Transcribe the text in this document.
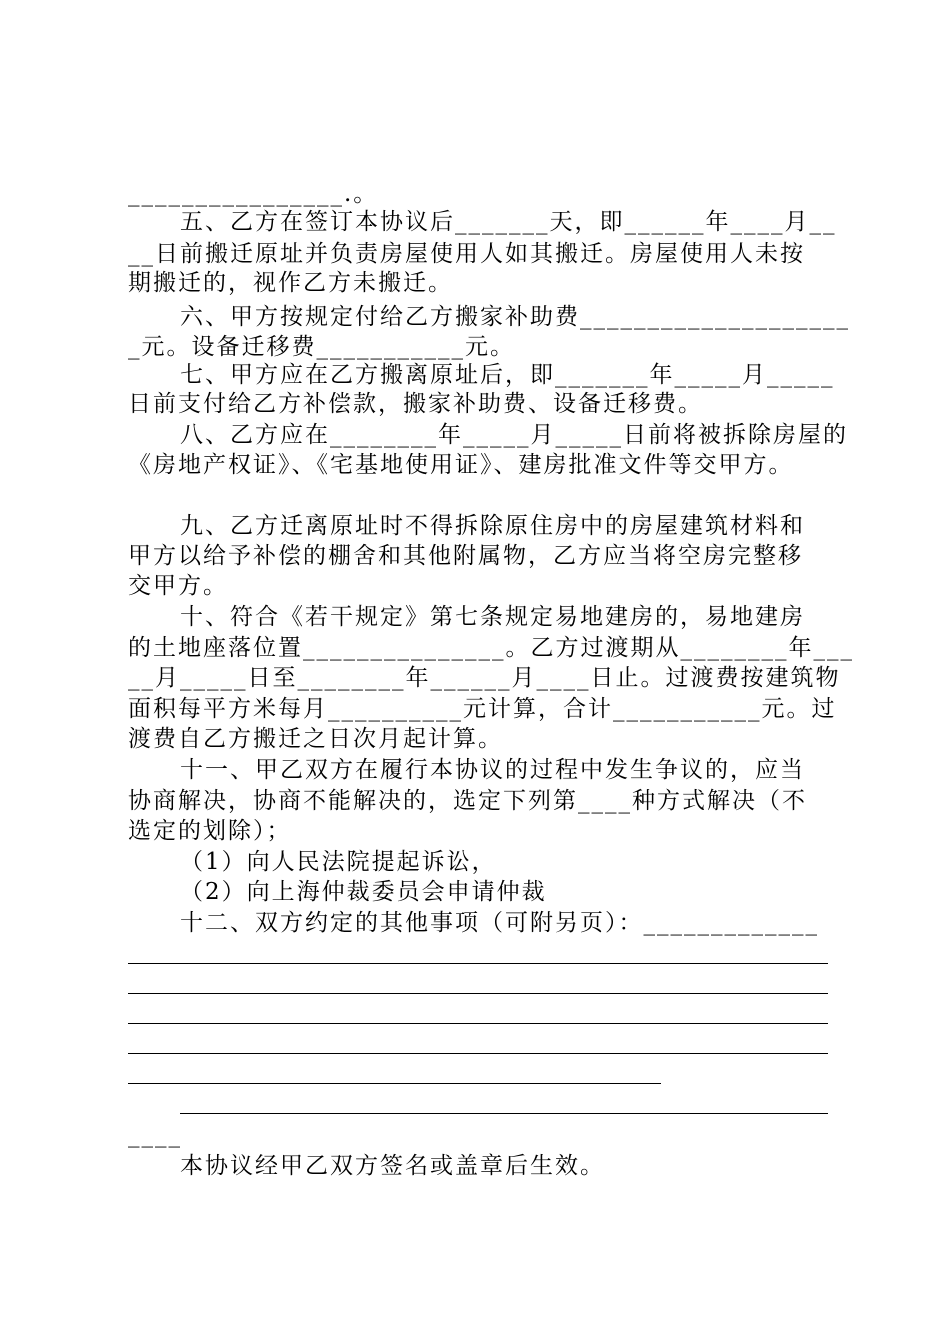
________________.。
五、乙方在签订本协议后_______天，即______年____月__
__日前搬迁原址并负责房屋使用人如其搬迁。房屋使用人未按
期搬迁的，视作乙方未搬迁。
六、甲方按规定付给乙方搬家补助费____________________
_元。设备迁移费___________元。
七、甲方应在乙方搬离原址后，即_______年_____月_____
日前支付给乙方补偿款，搬家补助费、设备迁移费。
八、乙方应在________年_____月_____日前将被拆除房屋的
《房地产权证》、《宅基地使用证》、建房批准文件等交甲方。
九、乙方迁离原址时不得拆除原住房中的房屋建筑材料和
甲方以给予补偿的棚舍和其他附属物，乙方应当将空房完整移
交甲方。
十、符合《若干规定》第七条规定易地建房的，易地建房
的土地座落位置_______________。乙方过渡期从________年___
__月_____日至________年______月____日止。过渡费按建筑物
面积每平方米每月__________元计算，合计___________元。过
渡费自乙方搬迁之日次月起计算。
十一、甲乙双方在履行本协议的过程中发生争议的，应当
协商解决，协商不能解决的，选定下列第____种方式解决（不
选定的划除）；
（1）向人民法院提起诉讼，
（2）向上海仲裁委员会申请仲裁
十二、双方约定的其他事项（可附另页）：_____________
____
本协议经甲乙双方签名或盖章后生效。
